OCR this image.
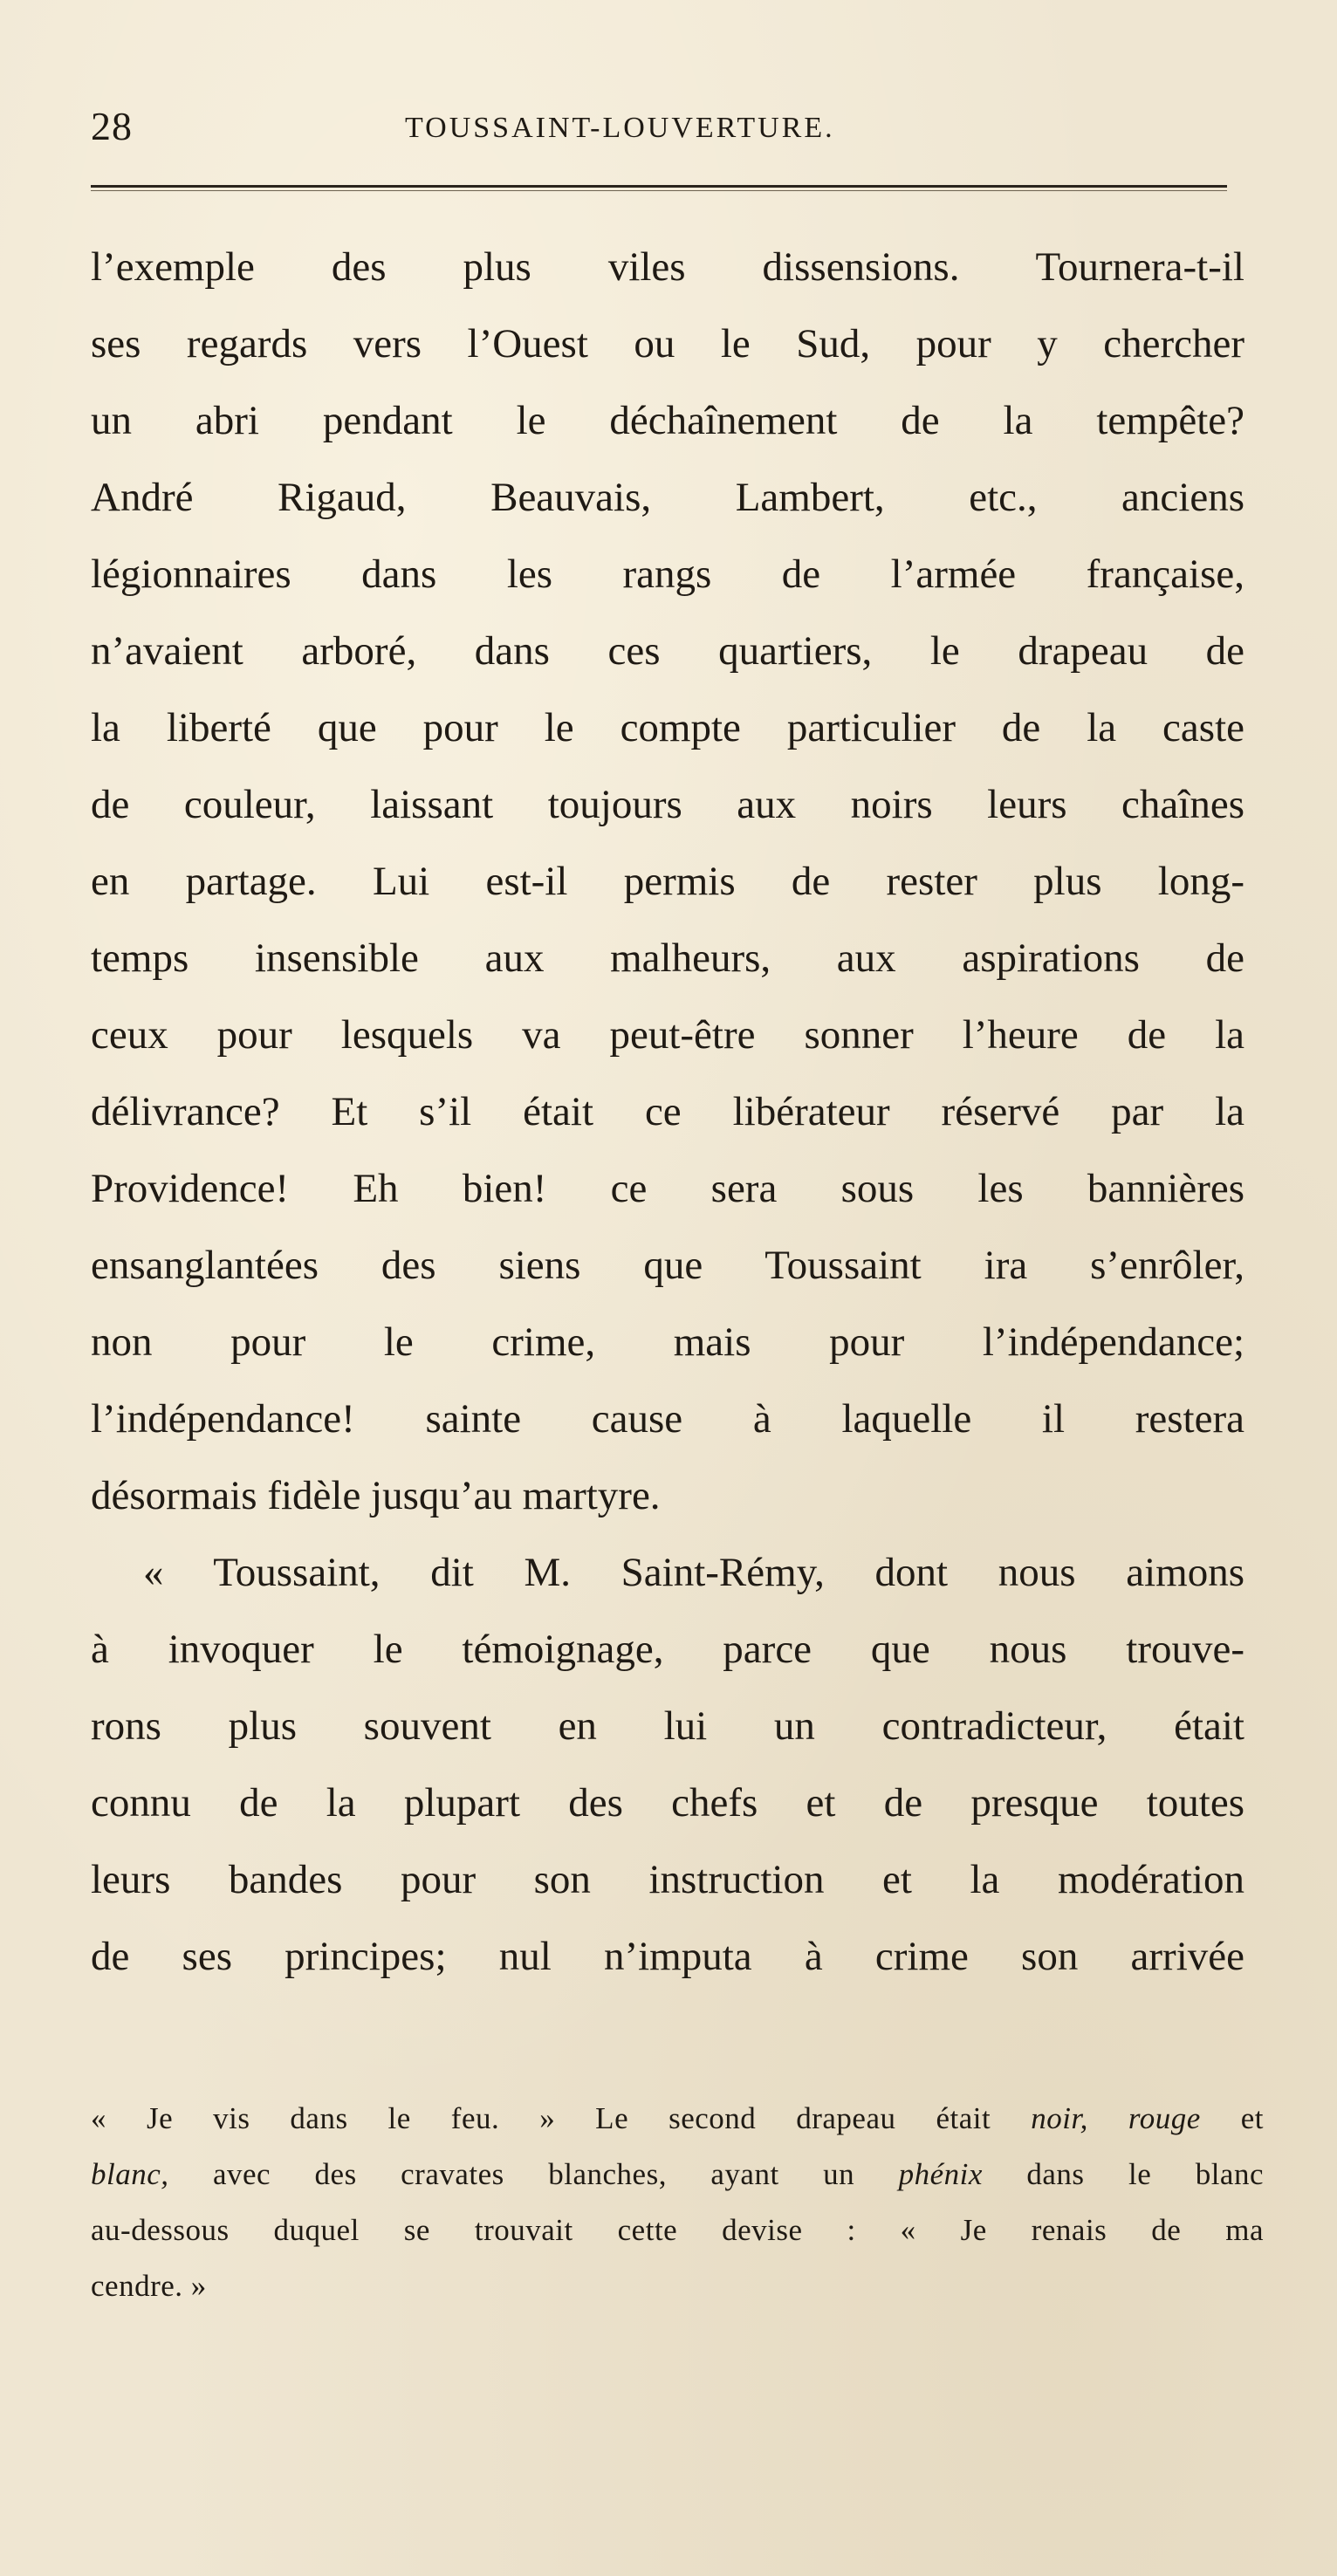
28	TOUSSAINT-LOUVERTURE.
l’exemple des plus viles dissensions. Tournera-t-il
ses regards vers l’Ouest ou le Sud, pour y chercher
un abri pendant le déchaînement de la tempête?
André Rigaud, Beauvais, Lambert, etc., anciens
légionnaires dans les rangs de l’armée française,
n’avaient arboré, dans ces quartiers, le drapeau de
la liberté que pour le compte particulier de la caste
de couleur, laissant toujours aux noirs leurs chaînes
en partage. Lui est-il permis de rester plus long-
temps insensible aux malheurs, aux aspirations de
ceux pour lesquels va peut-être sonner l’heure de la
délivrance? Et s’il était ce libérateur réservé par la
Providence! Eh bien! ce sera sous les bannières
ensanglantées des siens que Toussaint ira s’enrôler,
non pour le crime, mais pour l’indépendance;
l’indépendance! sainte cause à laquelle il restera
désormais fidèle jusqu’au martyre.
« Toussaint, dit M. Saint-Rémy, dont nous aimons
à invoquer le témoignage, parce que nous trouve-
rons plus souvent en lui un contradicteur, était
connu de la plupart des chefs et de presque toutes
leurs bandes pour son instruction et la modération
de ses principes; nul n’imputa à crime son arrivée
« Je vis dans le feu. » Le second drapeau était noir, rouge et
blanc, avec des cravates blanches, ayant un phénix dans le blanc
au-dessous duquel se trouvait cette devise : « Je renais de ma
cendre. »
